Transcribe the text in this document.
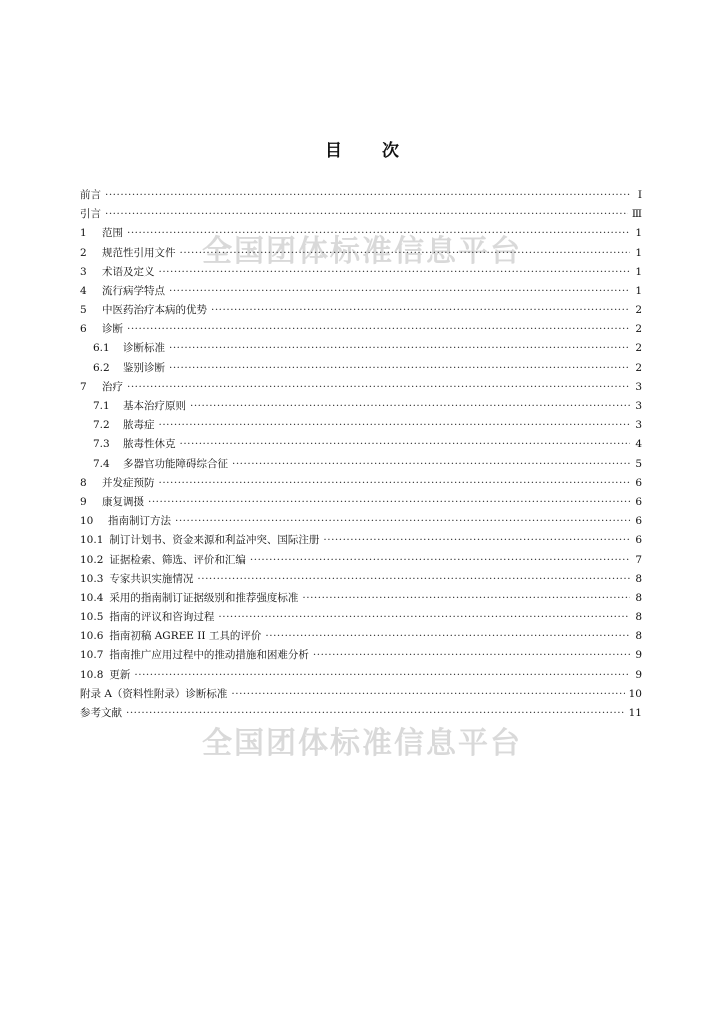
全国团体标准信息平台
全国团体标准信息平台
目 次
前言 ·····	Ⅰ
引言 ·····	Ⅲ
1	范围 ·····	1
2	规范性引用文件 ·····	1
3	术语及定义 ·····	1
4	流行病学特点 ·····	1
5	中医药治疗本病的优势 ·····	2
6	诊断 ·····	2
6.1	诊断标准 ·····	2
6.2	鉴别诊断 ·····	2
7	治疗 ·····	3
7.1	基本治疗原则 ·····	3
7.2	脓毒症 ·····	3
7.3	脓毒性休克 ·····	4
7.4	多器官功能障碍综合征 ·····	5
8	并发症预防 ·····	6
9	康复调摄 ·····	6
10	指南制订方法 ·····	6
10.1 制订计划书、资金来源和利益冲突、国际注册 ·····	6
10.2 证据检索、筛选、评价和汇编 ·····	7
10.3 专家共识实施情况 ·····	8
10.4 采用的指南制订证据级别和推荐强度标准 ·····	8
10.5 指南的评议和咨询过程 ·····	8
10.6 指南初稿 AGREE II 工具的评价 ·····	8
10.7 指南推广应用过程中的推动措施和困难分析 ·····	9
10.8 更新 ·····	9
附录 A（资料性附录）诊断标准 ·····	10
参考文献 ·····	11
